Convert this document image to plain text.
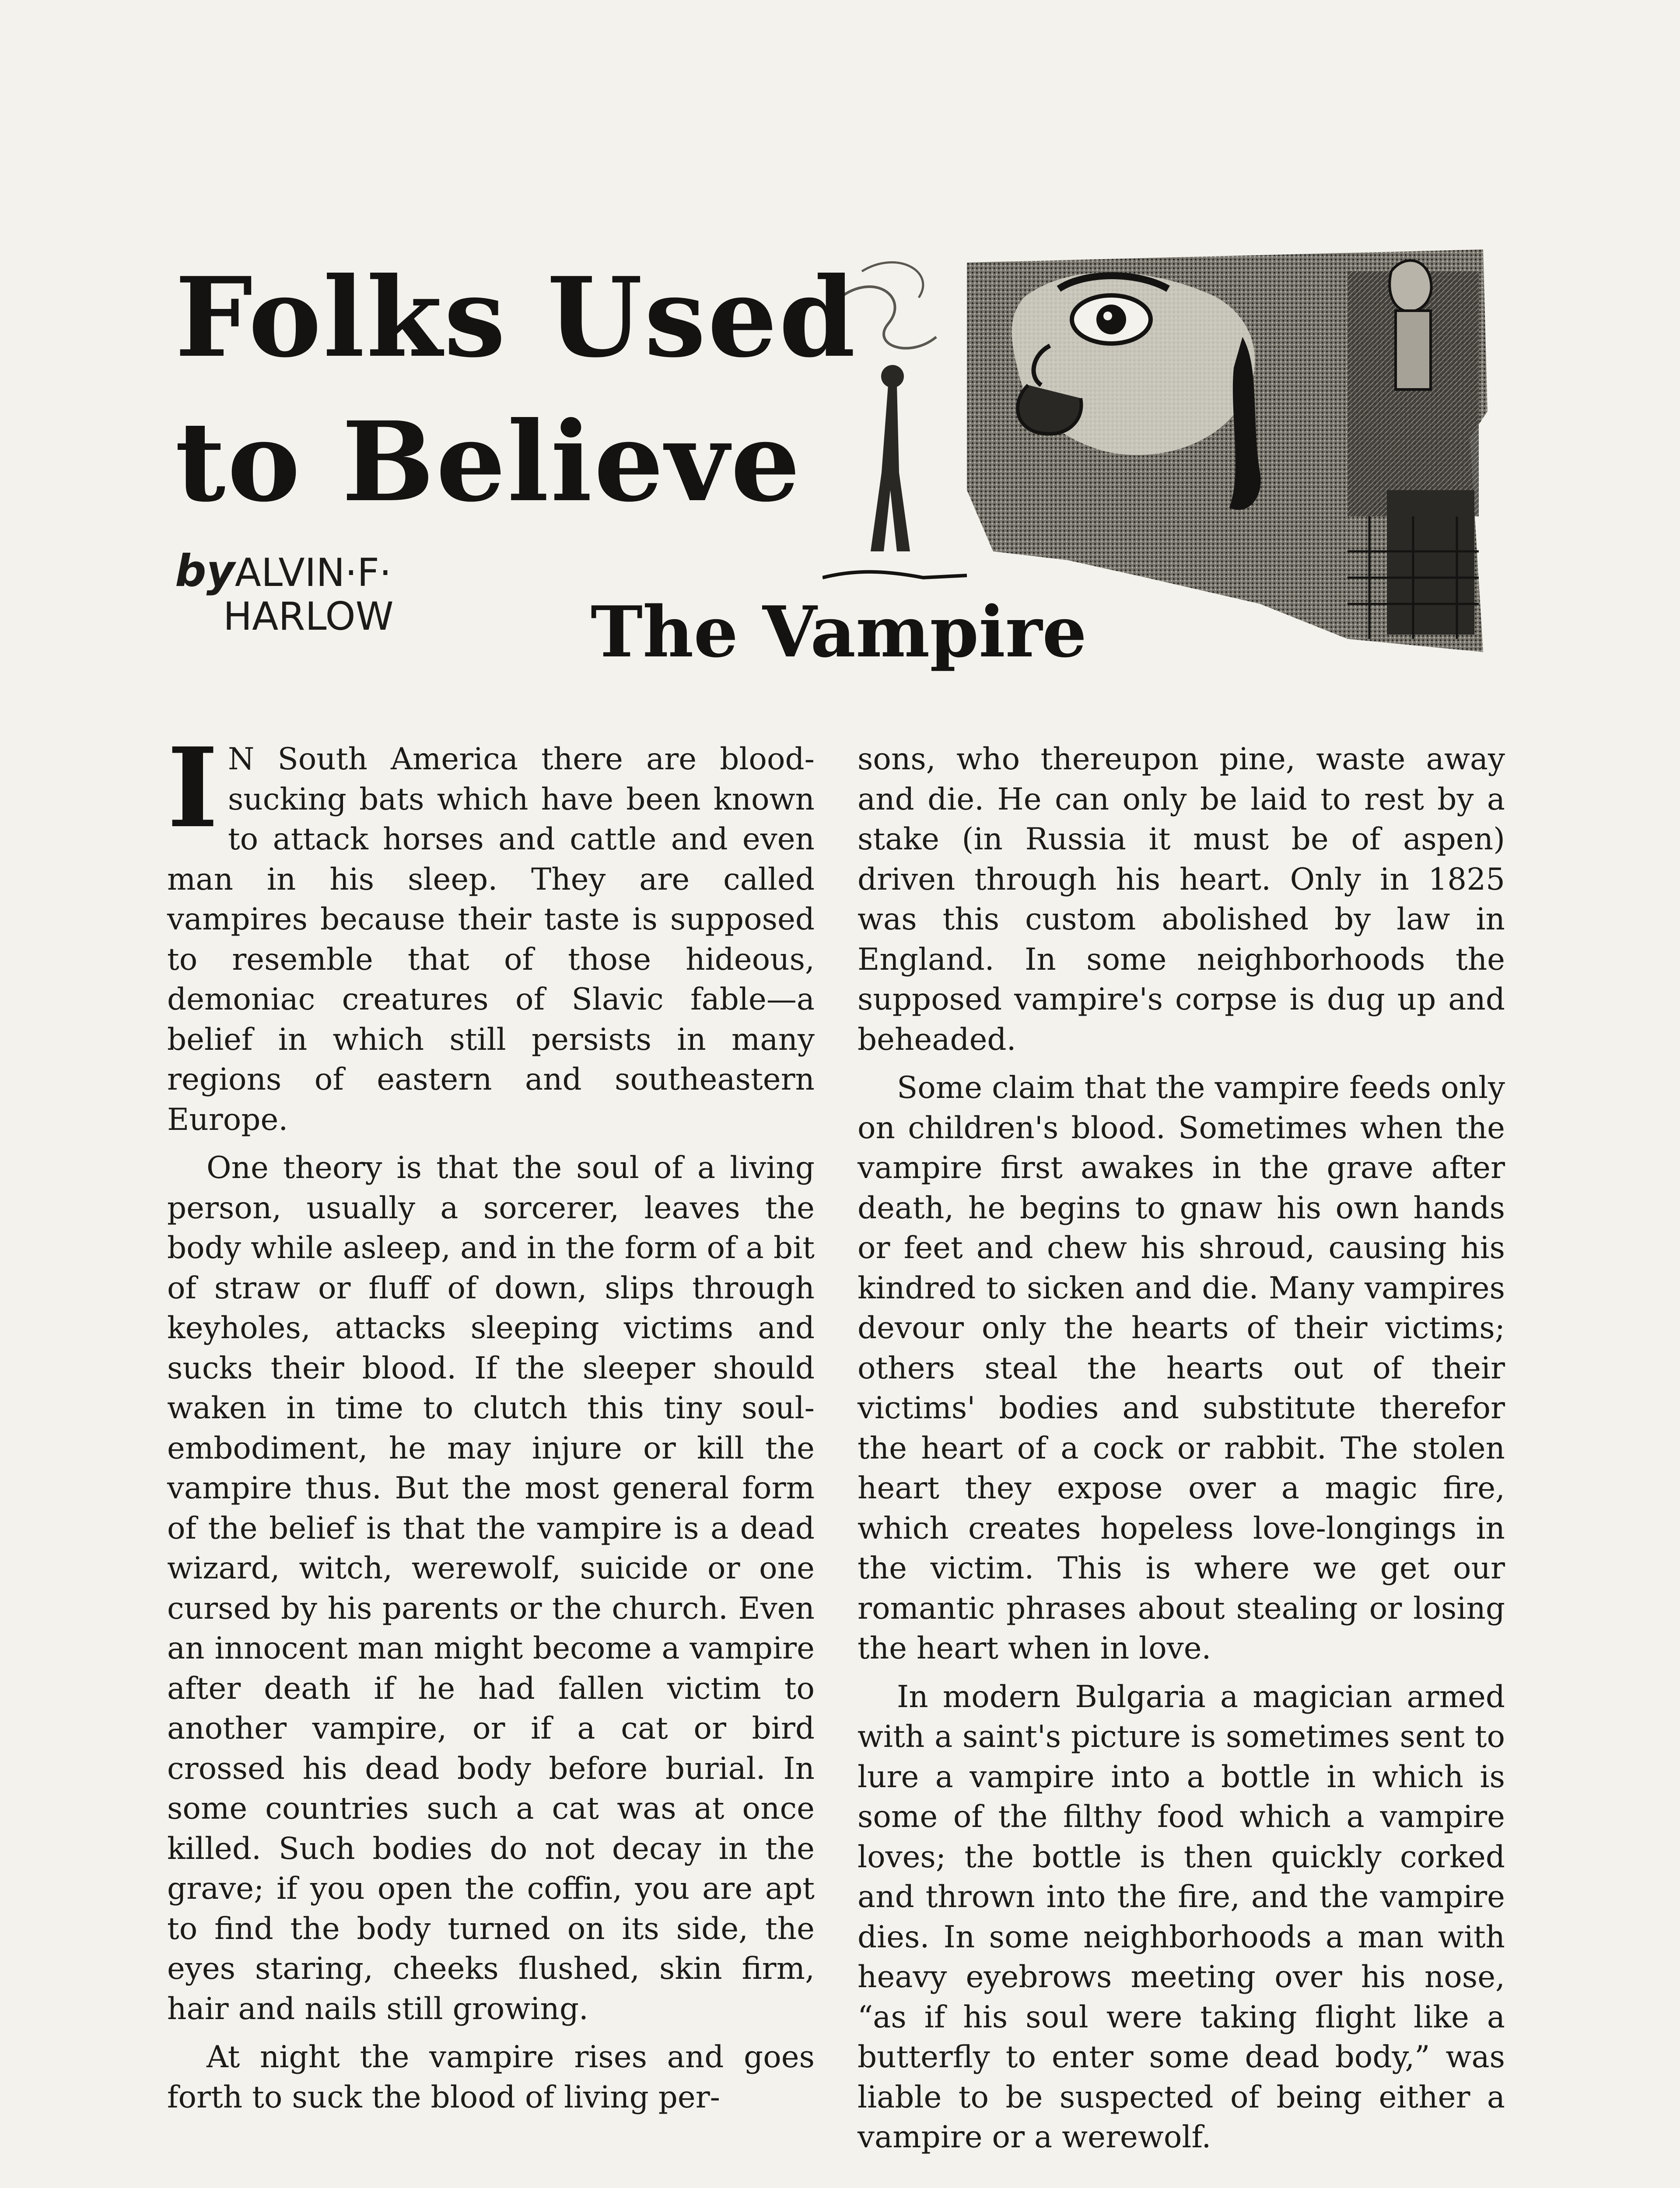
Folks Used
to Believe
byALVIN·F·
HARLOW	The Vampire

I N South America there are blood-sucking bats which have been known to attack horses and cattle and even man in his sleep. They are called vampires because their taste is supposed to resemble that of those hideous, demoniac creatures of Slavic fable—a belief in which still persists in many regions of eastern and southeastern Europe.

One theory is that the soul of a living person, usually a sorcerer, leaves the body while asleep, and in the form of a bit of straw or fluff of down, slips through keyholes, attacks sleeping victims and sucks their blood. If the sleeper should waken in time to clutch this tiny soul-embodiment, he may injure or kill the vampire thus. But the most general form of the belief is that the vampire is a dead wizard, witch, werewolf, suicide or one cursed by his parents or the church. Even an innocent man might become a vampire after death if he had fallen victim to another vampire, or if a cat or bird crossed his dead body before burial. In some countries such a cat was at once killed. Such bodies do not decay in the grave; if you open the coffin, you are apt to find the body turned on its side, the eyes staring, cheeks flushed, skin firm, hair and nails still growing.

At night the vampire rises and goes forth to suck the blood of living per-

sons, who thereupon pine, waste away and die. He can only be laid to rest by a stake (in Russia it must be of aspen) driven through his heart. Only in 1825 was this custom abolished by law in England. In some neighborhoods the supposed vampire's corpse is dug up and beheaded.

Some claim that the vampire feeds only on children's blood. Sometimes when the vampire first awakes in the grave after death, he begins to gnaw his own hands or feet and chew his shroud, causing his kindred to sicken and die. Many vampires devour only the hearts of their victims; others steal the hearts out of their victims' bodies and substitute therefor the heart of a cock or rabbit. The stolen heart they expose over a magic fire, which creates hopeless love-longings in the victim. This is where we get our romantic phrases about stealing or losing the heart when in love.

In modern Bulgaria a magician armed with a saint's picture is sometimes sent to lure a vampire into a bottle in which is some of the filthy food which a vampire loves; the bottle is then quickly corked and thrown into the fire, and the vampire dies. In some neighborhoods a man with heavy eyebrows meeting over his nose, “as if his soul were taking flight like a butterfly to enter some dead body,” was liable to be suspected of being either a vampire or a werewolf.
